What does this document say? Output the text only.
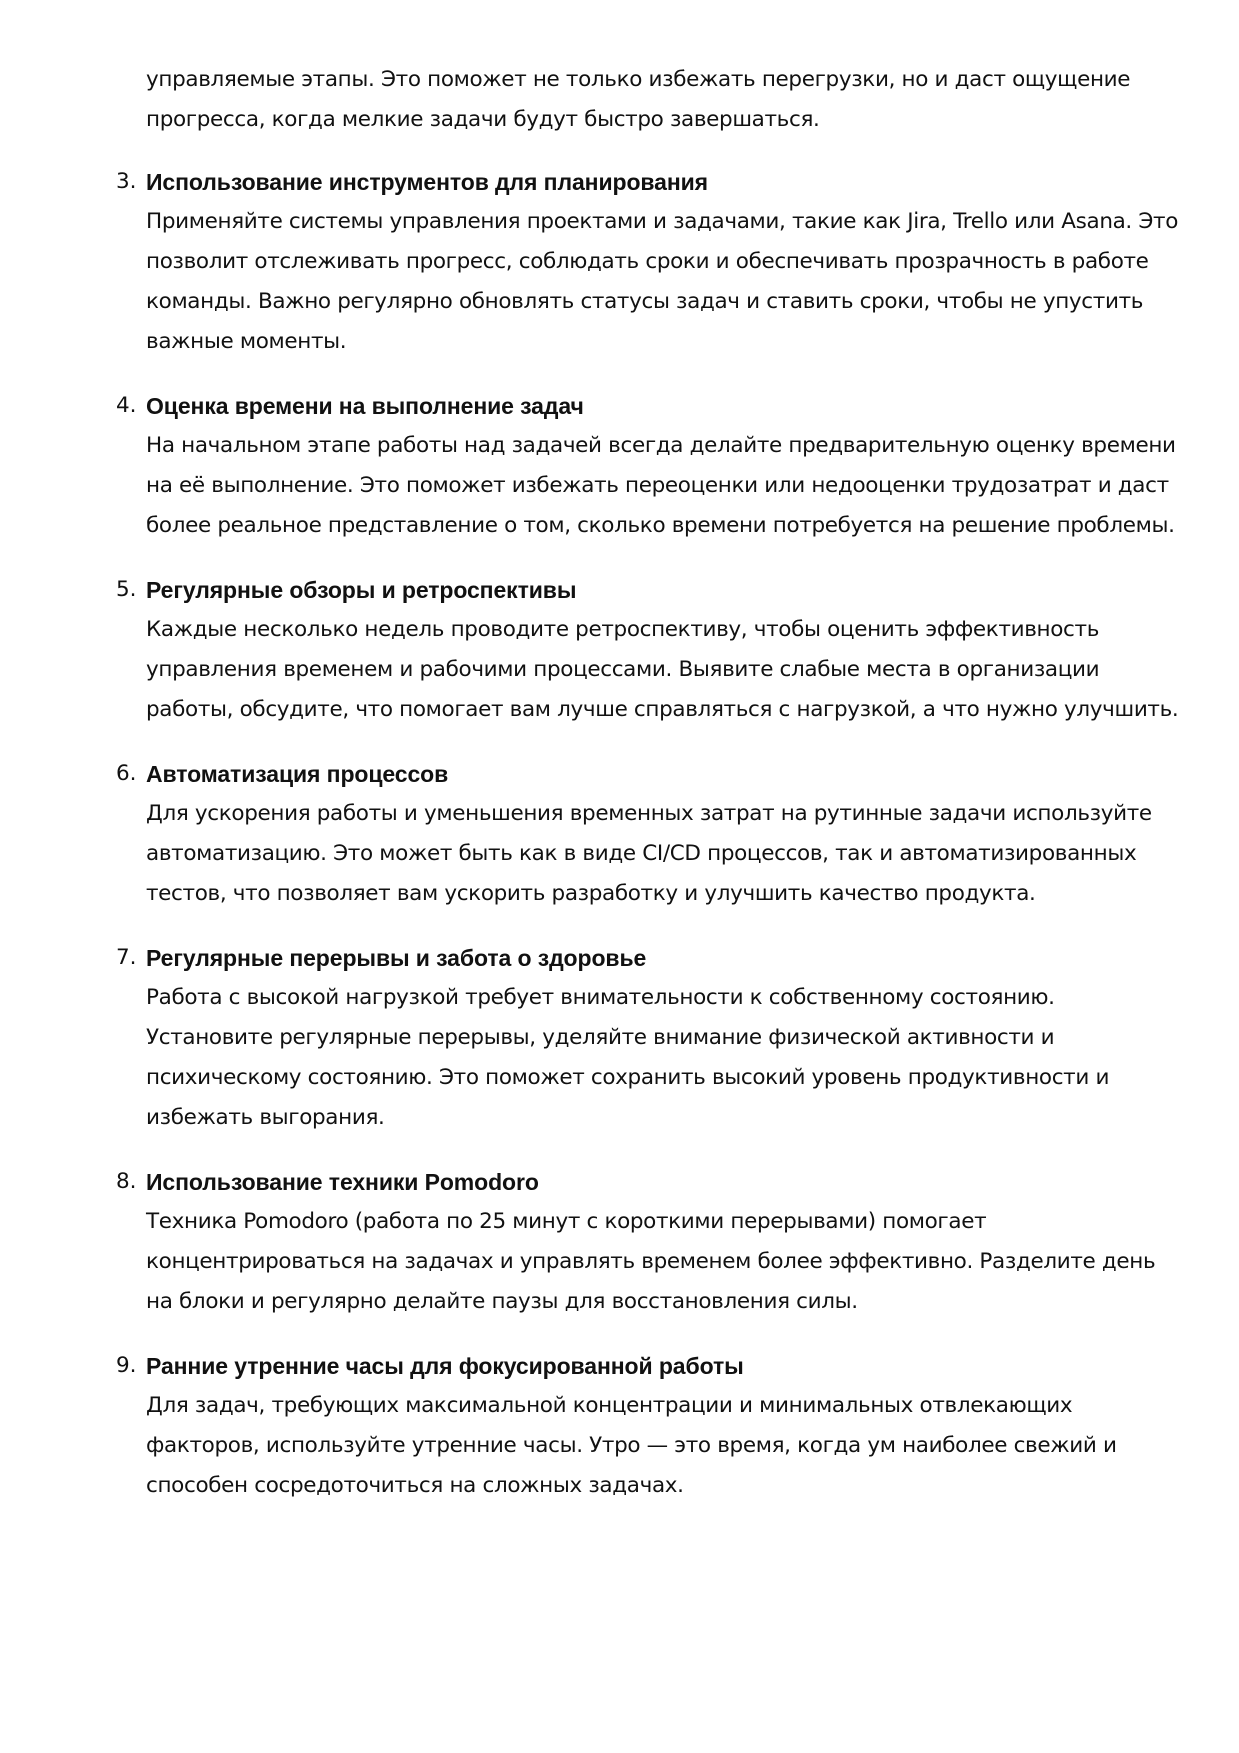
управляемые этапы. Это поможет не только избежать перегрузки, но и даст ощущение прогресса, когда мелкие задачи будут быстро завершаться.

3. Использование инструментов для планирования

Применяйте системы управления проектами и задачами, такие как Jira, Trello или Asana. Это позволит отслеживать прогресс, соблюдать сроки и обеспечивать прозрачность в работе команды. Важно регулярно обновлять статусы задач и ставить сроки, чтобы не упустить важные моменты.

4. Оценка времени на выполнение задач

На начальном этапе работы над задачей всегда делайте предварительную оценку времени на её выполнение. Это поможет избежать переоценки или недооценки трудозатрат и даст более реальное представление о том, сколько времени потребуется на решение проблемы.

5. Регулярные обзоры и ретроспективы

Каждые несколько недель проводите ретроспективу, чтобы оценить эффективность управления временем и рабочими процессами. Выявите слабые места в организации работы, обсудите, что помогает вам лучше справляться с нагрузкой, а что нужно улучшить.

6. Автоматизация процессов

Для ускорения работы и уменьшения временных затрат на рутинные задачи используйте автоматизацию. Это может быть как в виде CI/CD процессов, так и автоматизированных тестов, что позволяет вам ускорить разработку и улучшить качество продукта.

7. Регулярные перерывы и забота о здоровье

Работа с высокой нагрузкой требует внимательности к собственному состоянию. Установите регулярные перерывы, уделяйте внимание физической активности и психическому состоянию. Это поможет сохранить высокий уровень продуктивности и избежать выгорания.

8. Использование техники Pomodoro

Техника Pomodoro (работа по 25 минут с короткими перерывами) помогает концентрироваться на задачах и управлять временем более эффективно. Разделите день на блоки и регулярно делайте паузы для восстановления силы.

9. Ранние утренние часы для фокусированной работы

Для задач, требующих максимальной концентрации и минимальных отвлекающих факторов, используйте утренние часы. Утро — это время, когда ум наиболее свежий и способен сосредоточиться на сложных задачах.
